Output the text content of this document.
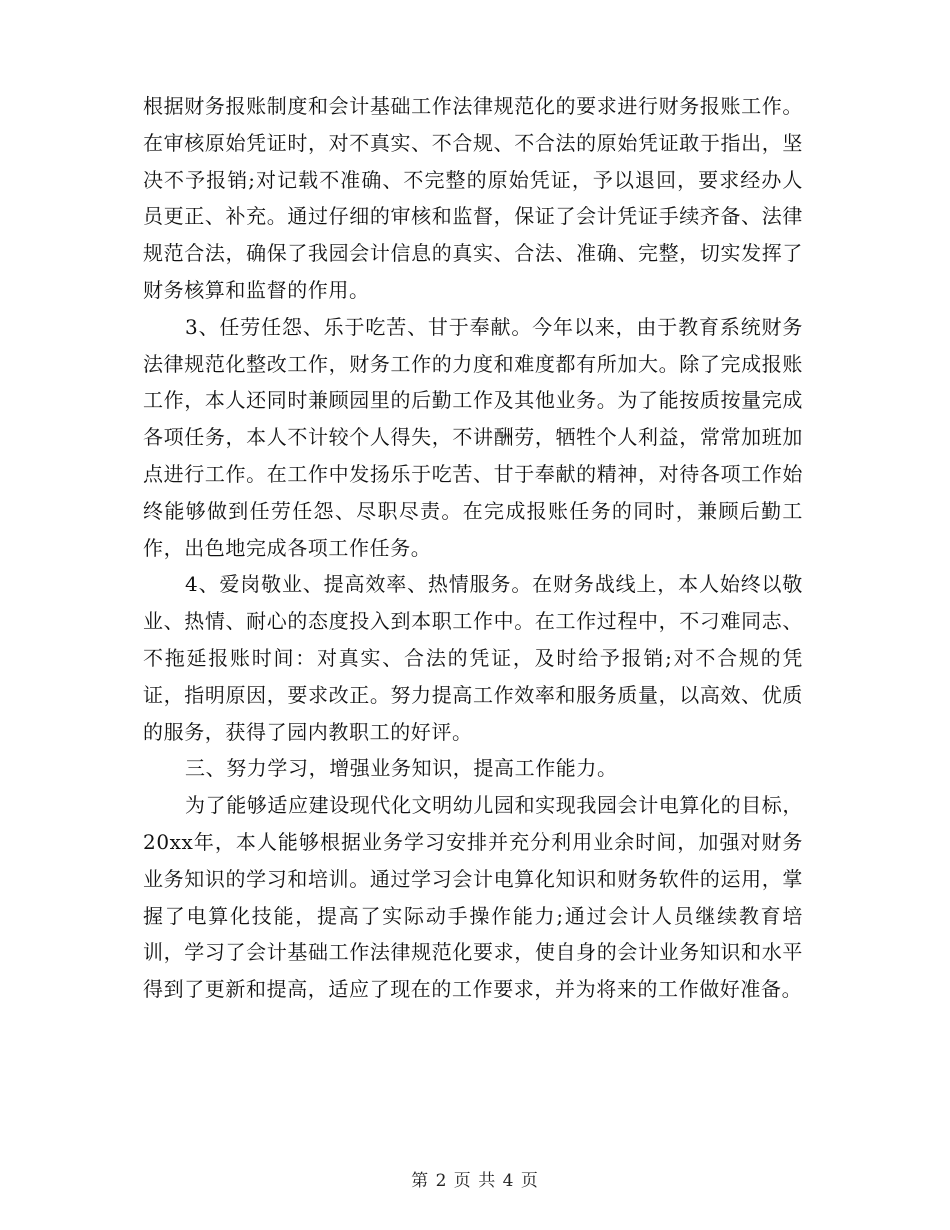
根据财务报账制度和会计基础工作法律规范化的要求进行财务报账工作。在审核原始凭证时，对不真实、不合规、不合法的原始凭证敢于指出，坚决不予报销;对记载不准确、不完整的原始凭证，予以退回，要求经办人员更正、补充。通过仔细的审核和监督，保证了会计凭证手续齐备、法律规范合法，确保了我园会计信息的真实、合法、准确、完整，切实发挥了财务核算和监督的作用。

3、任劳任怨、乐于吃苦、甘于奉献。今年以来，由于教育系统财务法律规范化整改工作，财务工作的力度和难度都有所加大。除了完成报账工作，本人还同时兼顾园里的后勤工作及其他业务。为了能按质按量完成各项任务，本人不计较个人得失，不讲酬劳，牺牲个人利益，常常加班加点进行工作。在工作中发扬乐于吃苦、甘于奉献的精神，对待各项工作始终能够做到任劳任怨、尽职尽责。在完成报账任务的同时，兼顾后勤工作，出色地完成各项工作任务。

4、爱岗敬业、提高效率、热情服务。在财务战线上，本人始终以敬业、热情、耐心的态度投入到本职工作中。在工作过程中，不刁难同志、不拖延报账时间：对真实、合法的凭证，及时给予报销;对不合规的凭证，指明原因，要求改正。努力提高工作效率和服务质量，以高效、优质的服务，获得了园内教职工的好评。

三、努力学习，增强业务知识，提高工作能力。

为了能够适应建设现代化文明幼儿园和实现我园会计电算化的目标，20xx年，本人能够根据业务学习安排并充分利用业余时间，加强对财务业务知识的学习和培训。通过学习会计电算化知识和财务软件的运用，掌握了电算化技能，提高了实际动手操作能力;通过会计人员继续教育培训，学习了会计基础工作法律规范化要求，使自身的会计业务知识和水平得到了更新和提高，适应了现在的工作要求，并为将来的工作做好准备。

第 2 页 共 4 页
